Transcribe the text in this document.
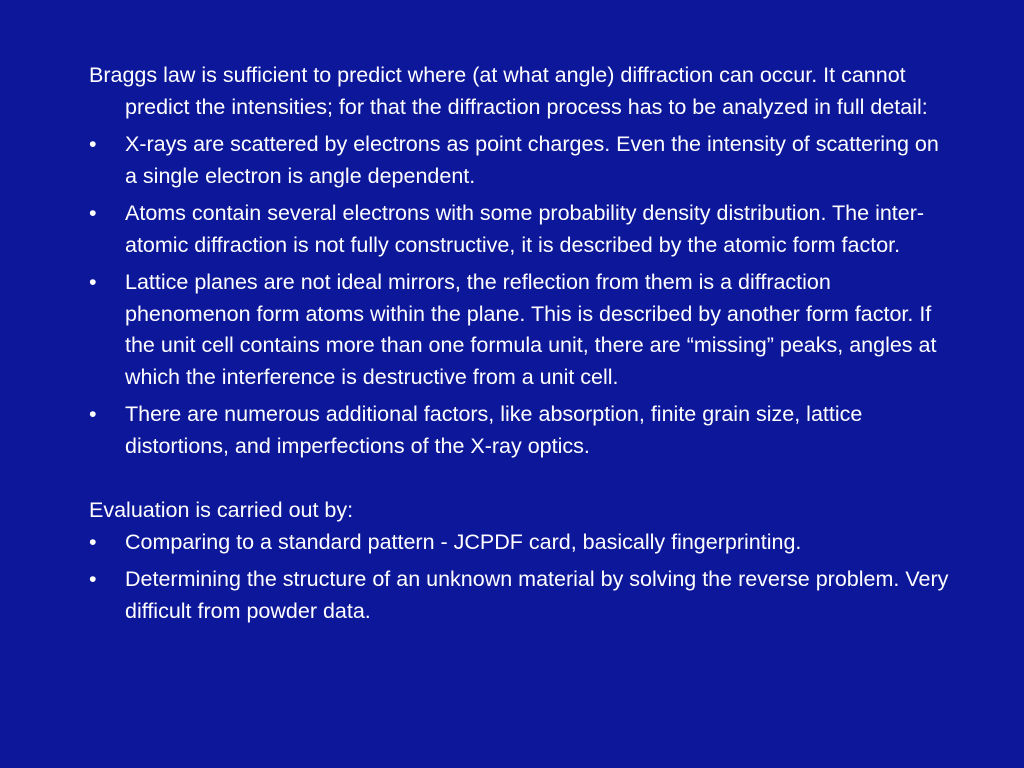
Braggs law is sufficient to predict where (at what angle) diffraction can occur. It cannot predict the intensities; for that the diffraction process has to be analyzed in full detail:

• X-rays are scattered by electrons as point charges. Even the intensity of scattering on a single electron is angle dependent.
• Atoms contain several electrons with some probability density distribution. The inter-atomic diffraction is not fully constructive, it is described by the atomic form factor.
• Lattice planes are not ideal mirrors, the reflection from them is a diffraction phenomenon form atoms within the plane. This is described by another form factor. If the unit cell contains more than one formula unit, there are “missing” peaks, angles at which the interference is destructive from a unit cell.
• There are numerous additional factors, like absorption, finite grain size, lattice distortions, and imperfections of the X-ray optics.

Evaluation is carried out by:

• Comparing to a standard pattern - JCPDF card, basically fingerprinting.
• Determining the structure of an unknown material by solving the reverse problem. Very difficult from powder data.
